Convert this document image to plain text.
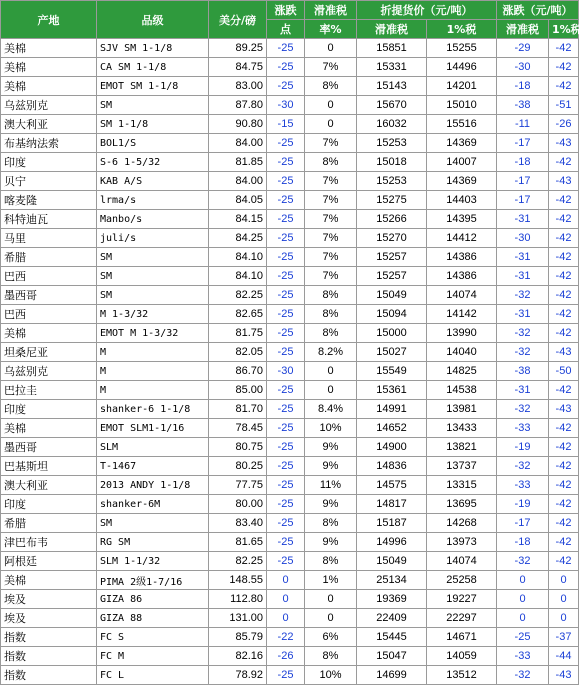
产地	品级	美分/磅	涨跌	滑准税	折提货价（元/吨）		涨跌（元/吨）	
			点	率%	滑准税	1%税	滑准税	1%税
美棉	SJV SM 1-1/8	89.25	-25	0	15851	15255	-29	-42
美棉	CA SM 1-1/8	84.75	-25	7%	15331	14496	-30	-42
美棉	EMOT SM 1-1/8	83.00	-25	8%	15143	14201	-18	-42
乌兹别克	SM	87.80	-30	0	15670	15010	-38	-51
澳大利亚	SM 1-1/8	90.80	-15	0	16032	15516	-11	-26
布基纳法索	BOL1/S	84.00	-25	7%	15253	14369	-17	-43
印度	S-6 1-5/32	81.85	-25	8%	15018	14007	-18	-42
贝宁	KAB A/S	84.00	-25	7%	15253	14369	-17	-43
喀麦隆	lrma/s	84.05	-25	7%	15275	14403	-17	-42
科特迪瓦	Manbo/s	84.15	-25	7%	15266	14395	-31	-42
马里	juli/s	84.25	-25	7%	15270	14412	-30	-42
希腊	SM	84.10	-25	7%	15257	14386	-31	-42
巴西	SM	84.10	-25	7%	15257	14386	-31	-42
墨西哥	SM	82.25	-25	8%	15049	14074	-32	-42
巴西	M 1-3/32	82.65	-25	8%	15094	14142	-31	-42
美棉	EMOT M 1-3/32	81.75	-25	8%	15000	13990	-32	-42
坦桑尼亚	M	82.05	-25	8.2%	15027	14040	-32	-43
乌兹别克	M	86.70	-30	0	15549	14825	-38	-50
巴拉圭	M	85.00	-25	0	15361	14538	-31	-42
印度	shanker-6 1-1/8	81.70	-25	8.4%	14991	13981	-32	-43
美棉	EMOT SLM1-1/16	78.45	-25	10%	14652	13433	-33	-42
墨西哥	SLM	80.75	-25	9%	14900	13821	-19	-42
巴基斯坦	T-1467	80.25	-25	9%	14836	13737	-32	-42
澳大利亚	2013 ANDY 1-1/8	77.75	-25	11%	14575	13315	-33	-42
印度	shanker-6M	80.00	-25	9%	14817	13695	-19	-42
希腊	SM	83.40	-25	8%	15187	14268	-17	-42
津巴布韦	RG SM	81.65	-25	9%	14996	13973	-18	-42
阿根廷	SLM 1-1/32	82.25	-25	8%	15049	14074	-32	-42
美棉	PIMA 2级1-7/16	148.55	0	1%	25134	25258	0	0
埃及	GIZA 86	112.80	0	0	19369	19227	0	0
埃及	GIZA 88	131.00	0	0	22409	22297	0	0
指数	FC S	85.79	-22	6%	15445	14671	-25	-37
指数	FC M	82.16	-26	8%	15047	14059	-33	-44
指数	FC L	78.92	-25	10%	14699	13512	-32	-43
